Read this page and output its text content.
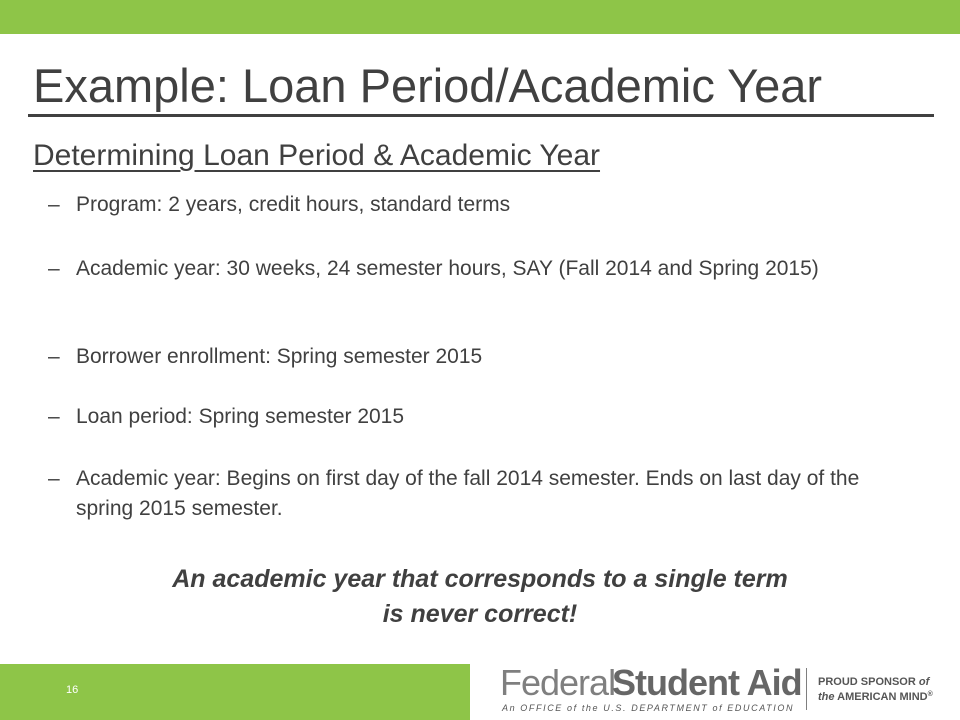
Example: Loan Period/Academic Year
Determining Loan Period & Academic Year
– Program: 2 years, credit hours, standard terms
– Academic year: 30 weeks, 24 semester hours, SAY (Fall 2014 and Spring 2015)
– Borrower enrollment: Spring semester 2015
– Loan period: Spring semester 2015
– Academic year: Begins on first day of the fall 2014 semester. Ends on last day of the spring 2015 semester.

An academic year that corresponds to a single term
is never correct!

16	Federal
Student Aid
An OFFICE of the U.S. DEPARTMENT of EDUCATION
PROUD SPONSOR of
the AMERICAN MIND®
